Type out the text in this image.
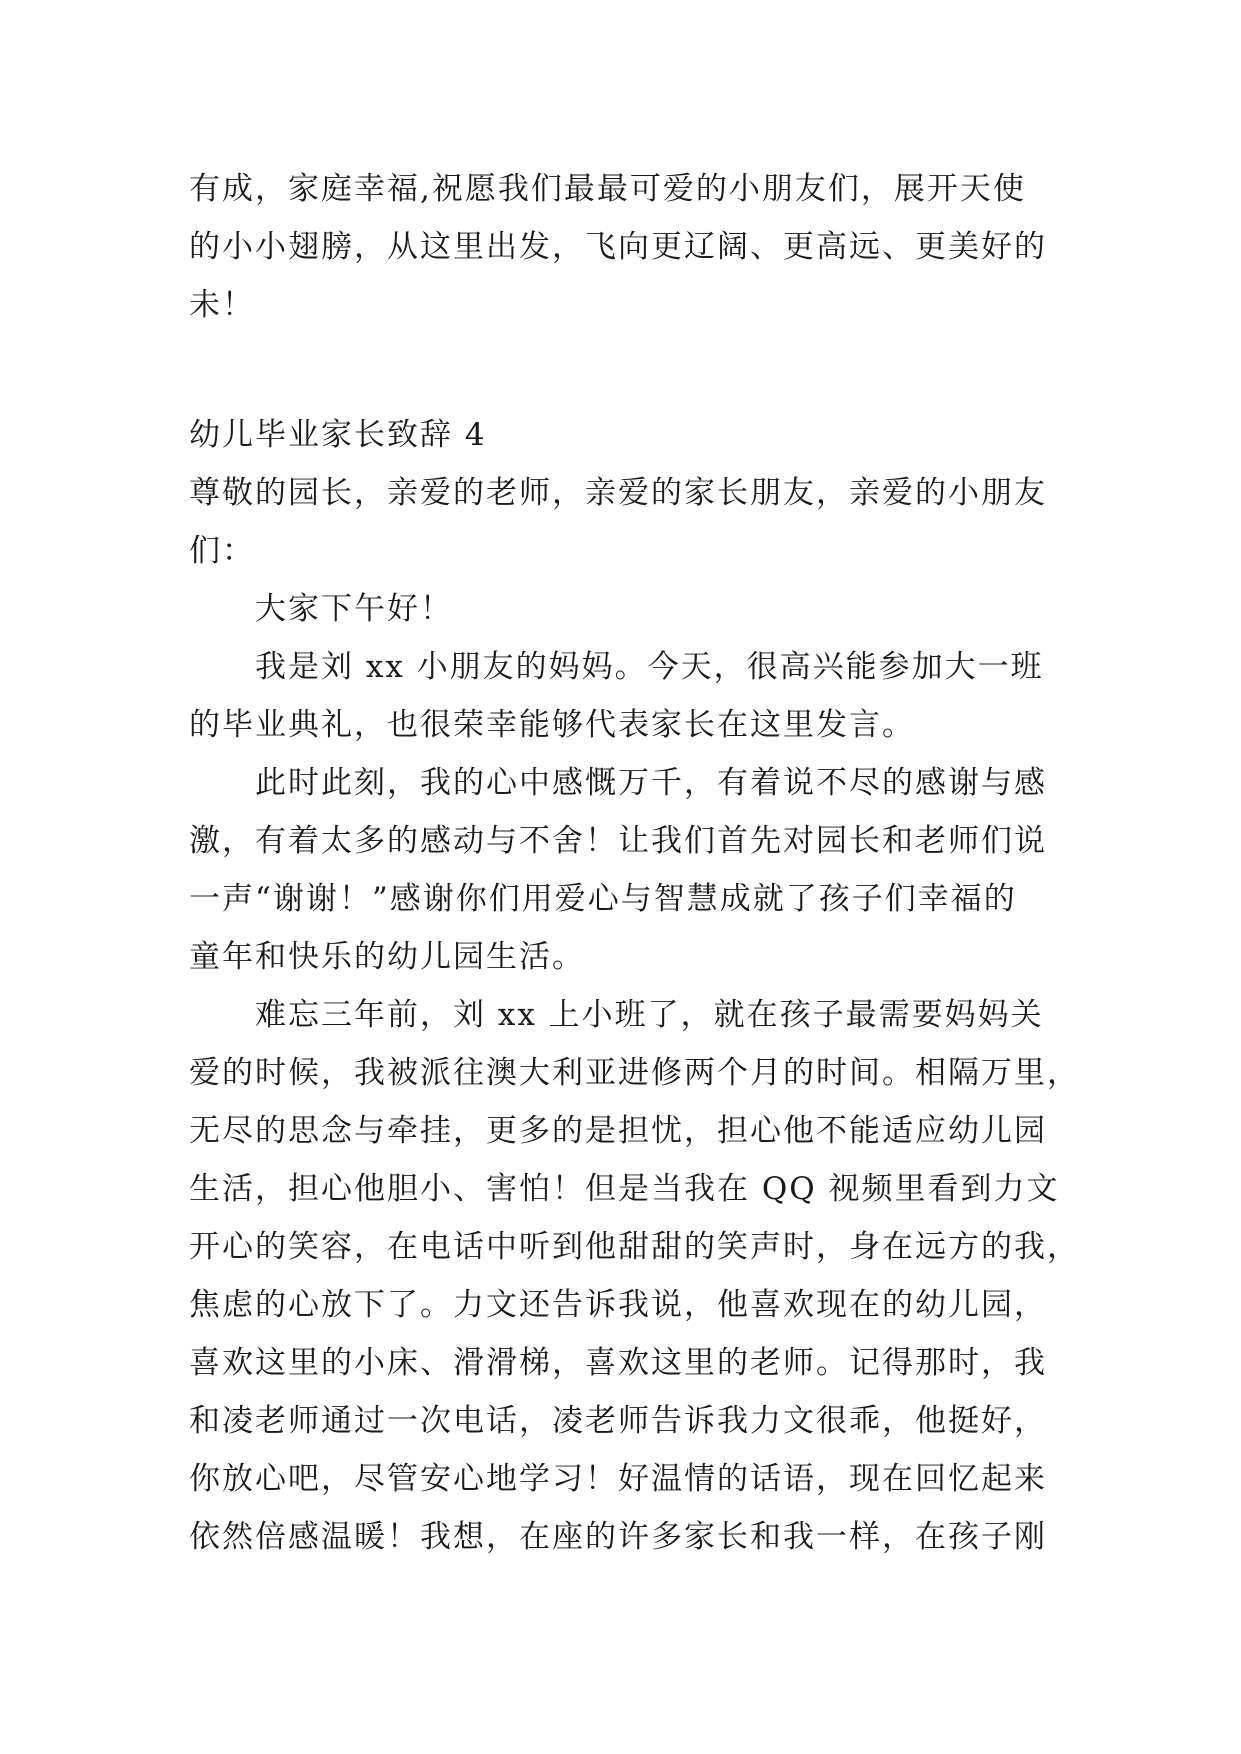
有成，家庭幸福,祝愿我们最最可爱的小朋友们，展开天使
的小小翅膀，从这里出发，飞向更辽阔、更高远、更美好的
未！
幼儿毕业家长致辞 4
尊敬的园长，亲爱的老师，亲爱的家长朋友，亲爱的小朋友
们：
大家下午好！
我是刘 xx 小朋友的妈妈。今天，很高兴能参加大一班
的毕业典礼，也很荣幸能够代表家长在这里发言。
此时此刻，我的心中感慨万千，有着说不尽的感谢与感
激，有着太多的感动与不舍！让我们首先对园长和老师们说
一声“谢谢！”感谢你们用爱心与智慧成就了孩子们幸福的
童年和快乐的幼儿园生活。
难忘三年前，刘 xx 上小班了，就在孩子最需要妈妈关
爱的时候，我被派往澳大利亚进修两个月的时间。相隔万里，
无尽的思念与牵挂，更多的是担忧，担心他不能适应幼儿园
生活，担心他胆小、害怕！但是当我在 QQ 视频里看到力文
开心的笑容，在电话中听到他甜甜的笑声时，身在远方的我，
焦虑的心放下了。力文还告诉我说，他喜欢现在的幼儿园，
喜欢这里的小床、滑滑梯，喜欢这里的老师。记得那时，我
和凌老师通过一次电话，凌老师告诉我力文很乖，他挺好，
你放心吧，尽管安心地学习！好温情的话语，现在回忆起来
依然倍感温暖！我想，在座的许多家长和我一样，在孩子刚
